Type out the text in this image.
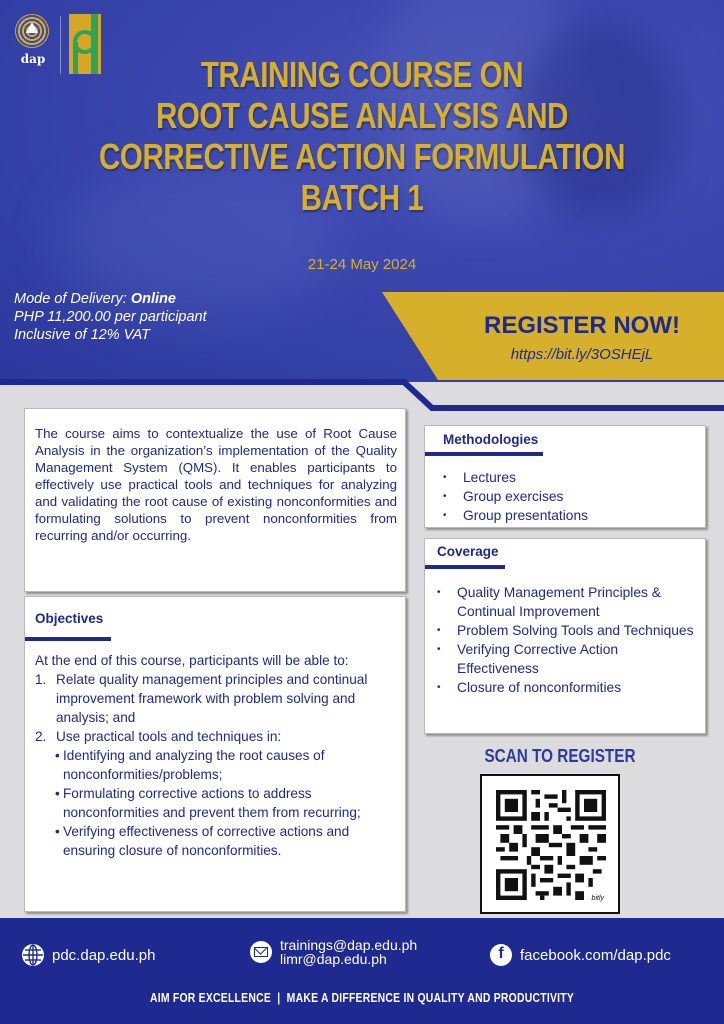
dap	TRAINING COURSE ON
ROOT CAUSE ANALYSIS AND
CORRECTIVE ACTION FORMULATION
BATCH 1
21-24 May 2024
Mode of Delivery: Online
PHP 11,200.00 per participant
Inclusive of 12% VAT	REGISTER NOW!
https://bit.ly/3OSHEjL

The course aims to contextualize the use of Root Cause Analysis in the organization’s implementation of the Quality Management System (QMS). It enables participants to effectively use practical tools and techniques for analyzing and validating the root cause of existing nonconformities and formulating solutions to prevent nonconformities from recurring and/or occurring.

Objectives
At the end of this course, participants will be able to:
1. Relate quality management principles and continual improvement framework with problem solving and analysis; and
2. Use practical tools and techniques in:
• Identifying and analyzing the root causes of nonconformities/problems;
• Formulating corrective actions to address nonconformities and prevent them from recurring;
• Verifying effectiveness of corrective actions and ensuring closure of nonconformities.
Methodologies
•	Lectures
•	Group exercises
•	Group presentations
Coverage
•	Quality Management Principles & Continual Improvement
•	Problem Solving Tools and Techniques
•	Verifying Corrective Action Effectiveness
•	Closure of nonconformities
SCAN TO REGISTER
bitly
pdc.dap.edu.ph
trainings@dap.edu.ph
limr@dap.edu.ph	f	facebook.com/dap.pdc
AIM FOR EXCELLENCE  |  MAKE A DIFFERENCE IN QUALITY AND PRODUCTIVITY
